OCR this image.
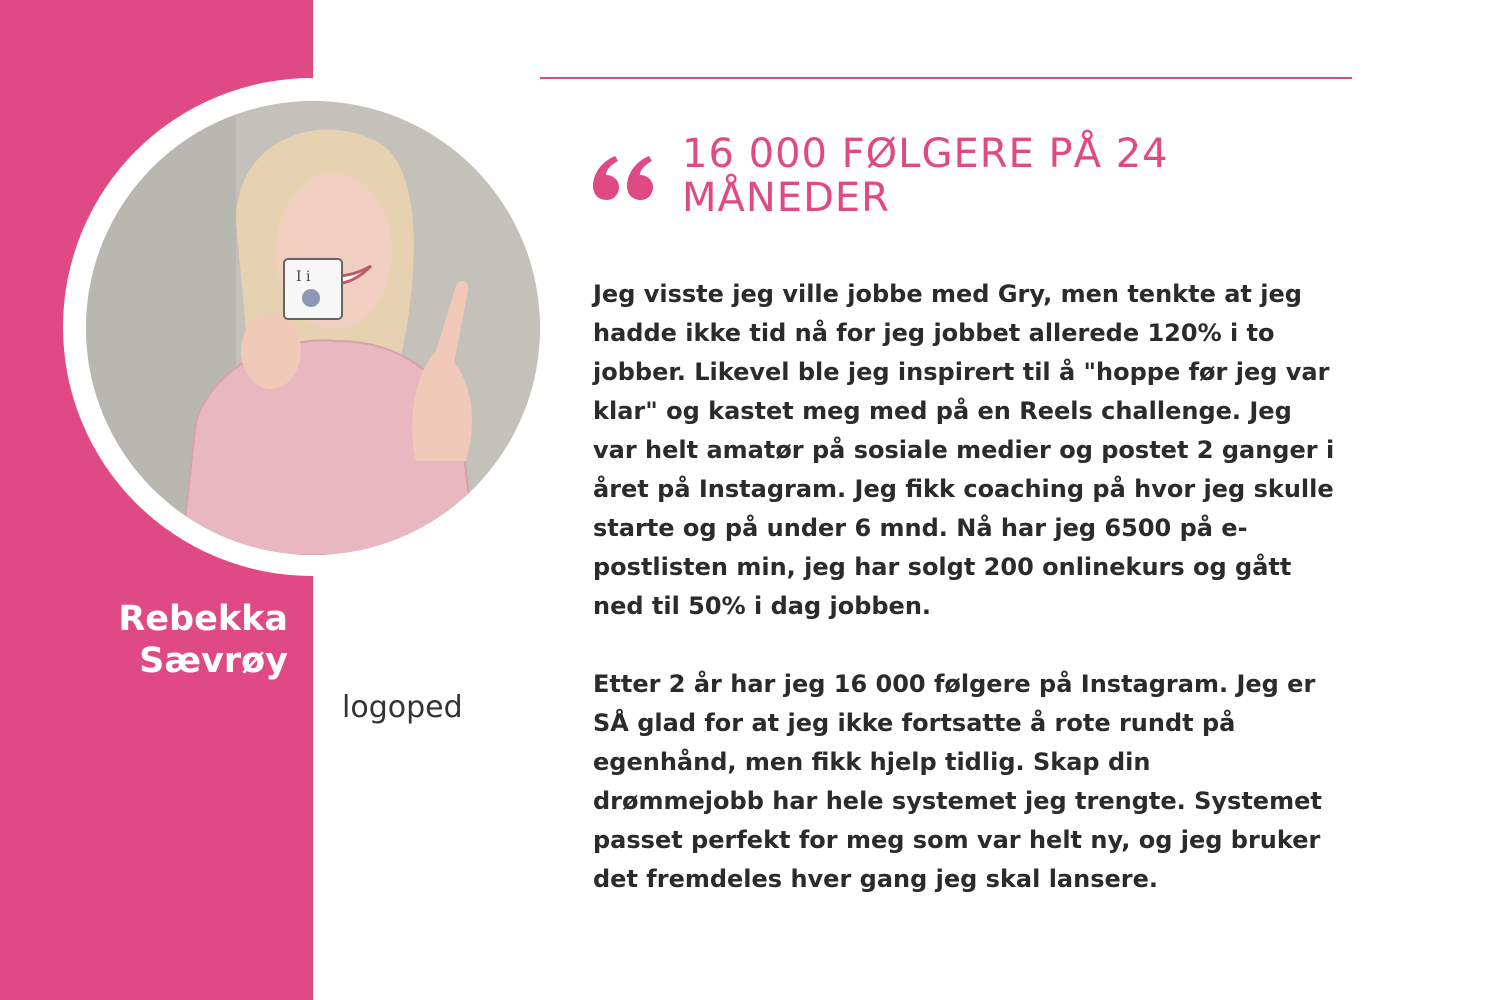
I i
Rebekka
Sævrøy
logoped
16 000 FØLGERE PÅ 24
MÅNEDER

Jeg visste jeg ville jobbe med Gry, men tenkte at jeg
hadde ikke tid nå for jeg jobbet allerede 120% i to
jobber. Likevel ble jeg inspirert til å "hoppe før jeg var
klar" og kastet meg med på en Reels challenge. Jeg
var helt amatør på sosiale medier og postet 2 ganger i
året på Instagram. Jeg fikk coaching på hvor jeg skulle
starte og på under 6 mnd. Nå har jeg 6500 på e-
postlisten min, jeg har solgt 200 onlinekurs og gått
ned til 50% i dag jobben.

Etter 2 år har jeg 16 000 følgere på Instagram. Jeg er
SÅ glad for at jeg ikke fortsatte å rote rundt på
egenhånd, men fikk hjelp tidlig. Skap din
drømmejobb har hele systemet jeg trengte. Systemet
passet perfekt for meg som var helt ny, og jeg bruker
det fremdeles hver gang jeg skal lansere.
